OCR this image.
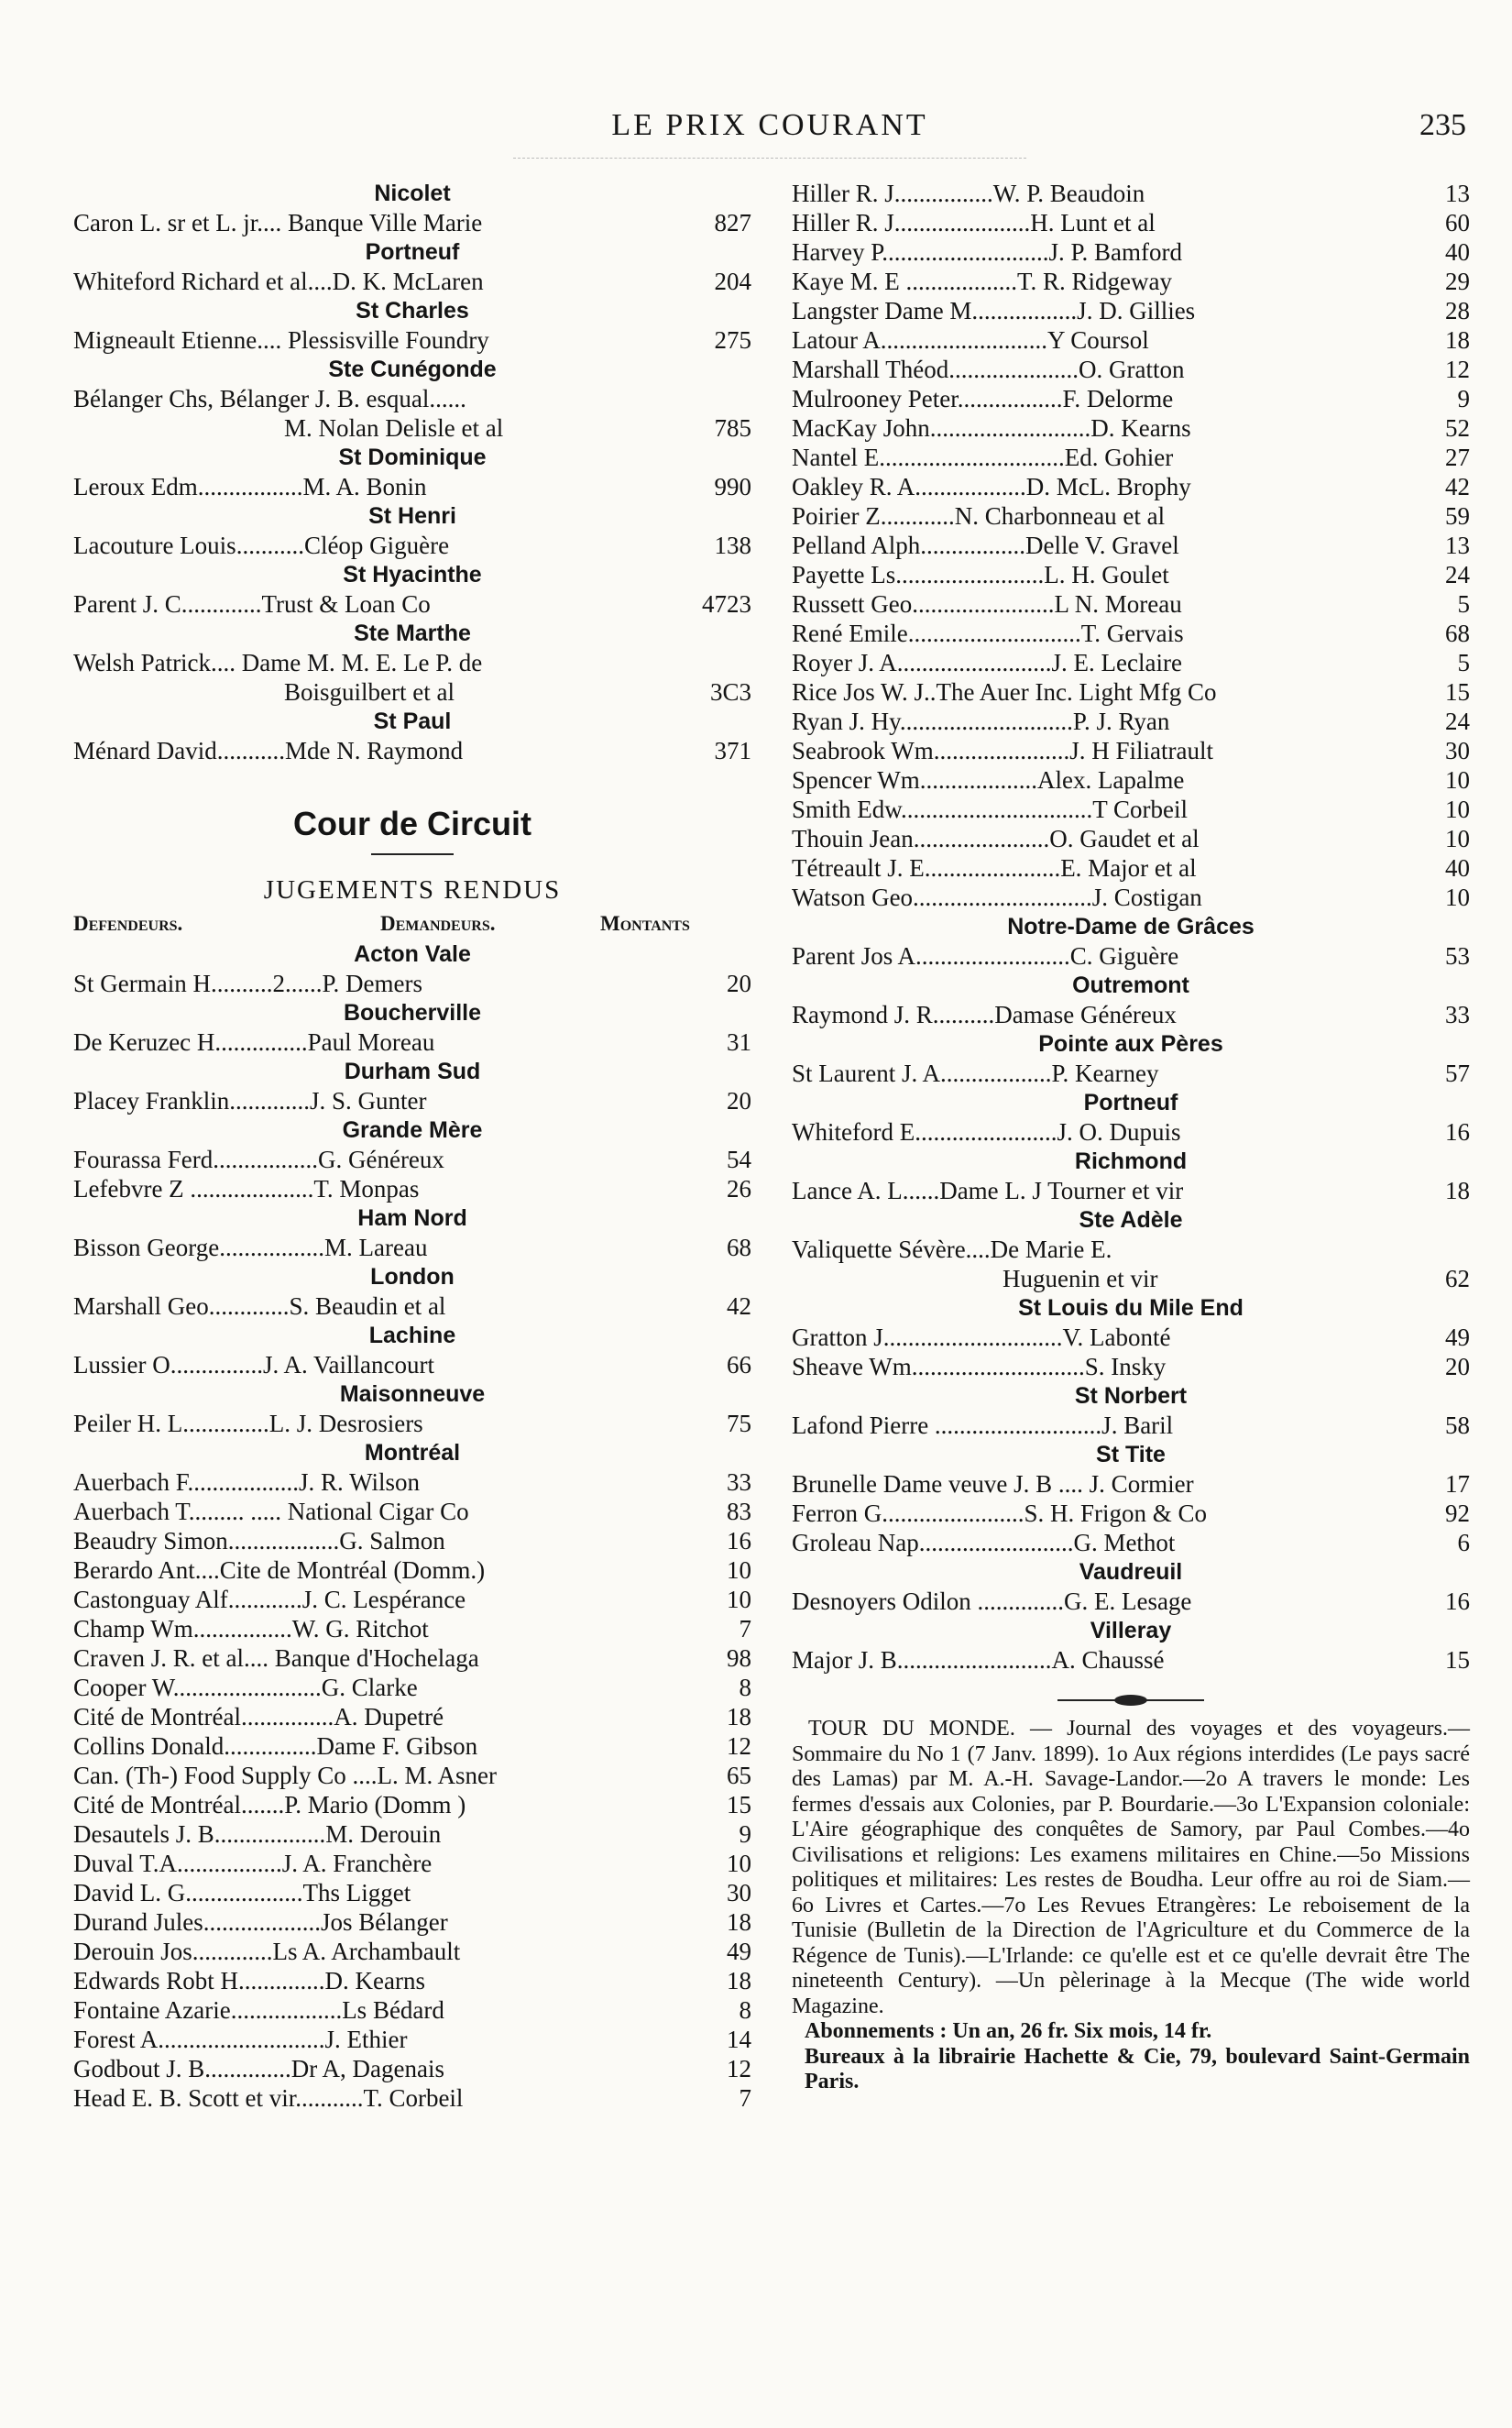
LE PRIX COURANT	235
Nicolet
Caron L. sr et L. jr.... Banque Ville Marie	827
Portneuf
Whiteford Richard et al....D. K. McLaren	204
St Charles
Migneault Etienne.... Plessisville Foundry	275
Ste Cunégonde
Bélanger Chs, Bélanger J. B. esqual......
M. Nolan Delisle et al	785
St Dominique
Leroux Edm.................M. A. Bonin	990
St Henri
Lacouture Louis...........Cléop Giguère	138
St Hyacinthe
Parent J. C.............Trust & Loan Co	4723
Ste Marthe
Welsh Patrick.... Dame M. M. E. Le P. de
Boisguilbert et al	3C3
St Paul
Ménard David...........Mde N. Raymond	371
Cour de Circuit
JUGEMENTS RENDUS
Defendeurs.	Demandeurs.	Montants
Acton Vale
St Germain H..........2......P. Demers	20
Boucherville
De Keruzec H...............Paul Moreau	31
Durham Sud
Placey Franklin.............J. S. Gunter	20
Grande Mère
Fourassa Ferd.................G. Généreux	54
Lefebvre Z ....................T. Monpas	26
Ham Nord
Bisson George.................M. Lareau	68
London
Marshall Geo.............S. Beaudin et al	42
Lachine
Lussier O...............J. A. Vaillancourt	66
Maisonneuve
Peiler H. L..............L. J. Desrosiers	75
Montréal
Auerbach F..................J. R. Wilson	33
Auerbach T......... ..... National Cigar Co	83
Beaudry Simon..................G. Salmon	16
Berardo Ant....Cite de Montréal (Domm.)	10
Castonguay Alf............J. C. Lespérance	10
Champ Wm................W. G. Ritchot	7
Craven J. R. et al.... Banque d'Hochelaga	98
Cooper W........................G. Clarke	8
Cité de Montréal...............A. Dupetré	18
Collins Donald...............Dame F. Gibson	12
Can. (Th-) Food Supply Co ....L. M. Asner	65
Cité de Montréal.......P. Mario (Domm )	15
Desautels J. B..................M. Derouin	9
Duval T.A.................J. A. Franchère	10
David L. G...................Ths Ligget	30
Durand Jules...................Jos Bélanger	18
Derouin Jos.............Ls A. Archambault	49
Edwards Robt H..............D. Kearns	18
Fontaine Azarie..................Ls Bédard	8
Forest A...........................J. Ethier	14
Godbout J. B..............Dr A, Dagenais	12
Head E. B. Scott et vir...........T. Corbeil	7
Hiller R. J................W. P. Beaudoin	13
Hiller R. J......................H. Lunt et al	60
Harvey P...........................J. P. Bamford	40
Kaye M. E ..................T. R. Ridgeway	29
Langster Dame M.................J. D. Gillies	28
Latour A...........................Y Coursol	18
Marshall Théod.....................O. Gratton	12
Mulrooney Peter.................F. Delorme	9
MacKay John..........................D. Kearns	52
Nantel E..............................Ed. Gohier	27
Oakley R. A..................D. McL. Brophy	42
Poirier Z............N. Charbonneau et al	59
Pelland Alph.................Delle V. Gravel	13
Payette Ls........................L. H. Goulet	24
Russett Geo.......................L N. Moreau	5
René Emile............................T. Gervais	68
Royer J. A.........................J. E. Leclaire	5
Rice Jos W. J..The Auer Inc. Light Mfg Co	15
Ryan J. Hy............................P. J. Ryan	24
Seabrook Wm......................J. H Filiatrault	30
Spencer Wm...................Alex. Lapalme	10
Smith Edw...............................T Corbeil	10
Thouin Jean......................O. Gaudet et al	10
Tétreault J. E......................E. Major et al	40
Watson Geo.............................J. Costigan	10
Notre-Dame de Grâces
Parent Jos A.........................C. Giguère	53
Outremont
Raymond J. R..........Damase Généreux	33
Pointe aux Pères
St Laurent J. A..................P. Kearney	57
Portneuf
Whiteford E.......................J. O. Dupuis	16
Richmond
Lance A. L......Dame L. J Tourner et vir	18
Ste Adèle
Valiquette Sévère....De Marie E.
Huguenin et vir	62
St Louis du Mile End
Gratton J.............................V. Labonté	49
Sheave Wm............................S. Insky	20
St Norbert
Lafond Pierre ...........................J. Baril	58
St Tite
Brunelle Dame veuve J. B .... J. Cormier	17
Ferron G.......................S. H. Frigon & Co	92
Groleau Nap.........................G. Methot	6
Vaudreuil
Desnoyers Odilon ..............G. E. Lesage	16
Villeray
Major J. B.........................A. Chaussé	15

TOUR DU MONDE. — Journal des voyages et des voyageurs.—Sommaire du No 1 (7 Janv. 1899). 1o Aux régions interdides (Le pays sacré des Lamas) par M. A.-H. Savage-Landor.—2o A travers le monde: Les fermes d'essais aux Colonies, par P. Bourdarie.—3o L'Expansion coloniale: L'Aire géographique des conquêtes de Samory, par Paul Combes.—4o Civilisations et religions: Les examens militaires en Chine.—5o Missions politiques et militaires: Les restes de Boudha. Leur offre au roi de Siam.— 6o Livres et Cartes.—7o Les Revues Etrangères: Le reboisement de la Tunisie (Bulletin de la Direction de l'Agriculture et du Commerce de la Régence de Tunis).—L'Irlande: ce qu'elle est et ce qu'elle devrait être The nineteenth Century). —Un pèlerinage à la Mecque (The wide world Magazine.

Abonnements : Un an, 26 fr. Six mois, 14 fr.

Bureaux à la librairie Hachette & Cie, 79, boulevard Saint-Germain Paris.
